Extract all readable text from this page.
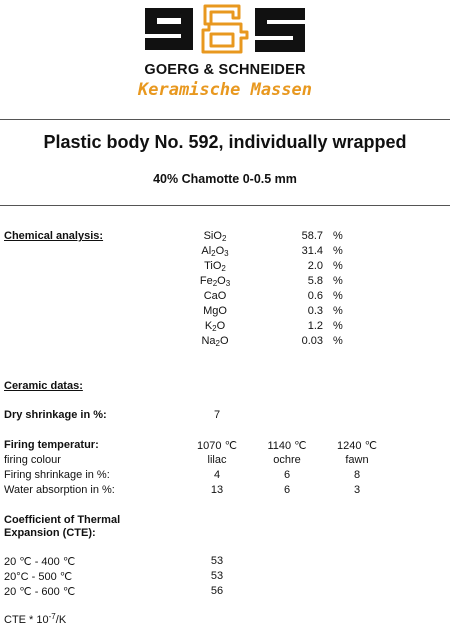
GOERG & SCHNEIDER
Keramische Massen
Plastic body No. 592, individually wrapped
40% Chamotte 0-0.5 mm
Chemical analysis:	SiO$_2$	58.7 %
$Al_2O_3$	31.4 %
TiO$_2$	2.0 %
$Fe_2O_3$	5.8 %
CaO	0.6 %
MgO	0.3 %
$K_2O$	1.2 %
$Na_2O$	0.03 %
Ceramic datas:
Dry shrinkage in %:	7
Firing temperatur:	1070 ℃	1140 ℃	1240 ℃
firing colour	lilac	ochre	fawn
Firing shrinkage in %:	4	6	8
Water absorption in %:	13	6	3
Coefficient of Thermal
Expansion (CTE):
20 ℃ - 400 ℃	53
20°C - 500 ℃	53
20 ℃ - 600 ℃	56
CTE * $10^{-7}/K$
